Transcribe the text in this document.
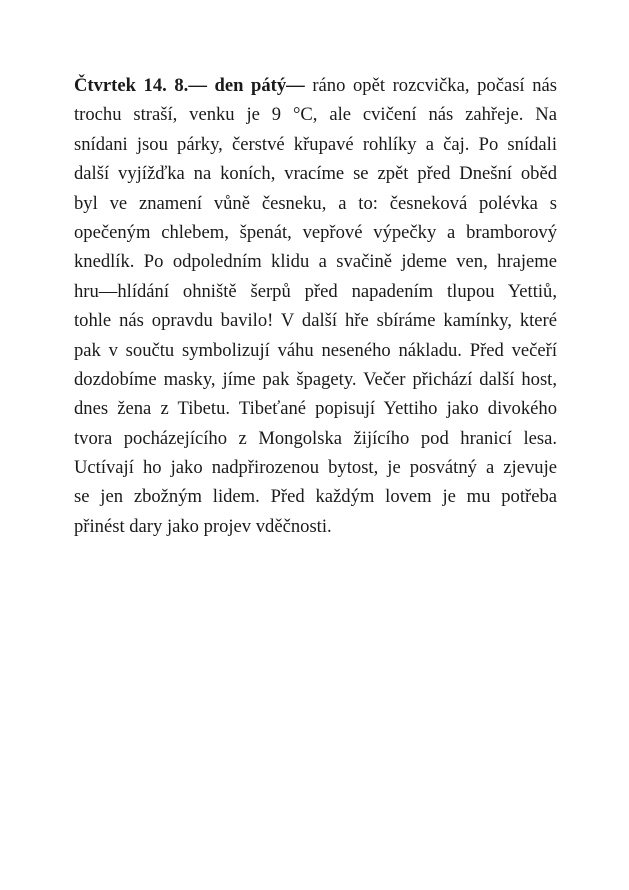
Čtvrtek 14. 8.— den pátý— ráno opět rozcvička, počasí nás
trochu straší, venku je 9 °C, ale cvičení nás zahřeje. Na
snídani jsou párky, čerstvé křupavé rohlíky a čaj. Po snídali
další vyjížďka na koních, vracíme se zpět před Dnešní oběd
byl ve znamení vůně česneku, a to: česneková polévka s
opečeným chlebem, špenát, vepřové výpečky a bramborový
knedlík. Po odpoledním klidu a svačině jdeme ven, hrajeme
hru—hlídání ohniště šerpů před napadením tlupou Yettiů,
tohle nás opravdu bavilo! V další hře sbíráme kamínky, které
pak v součtu symbolizují váhu neseného nákladu. Před večeří
dozdobíme masky, jíme pak špagety. Večer přichází další host,
dnes žena z Tibetu. Tibeťané popisují Yettiho jako divokého
tvora pocházejícího z Mongolska žijícího pod hranicí lesa.
Uctívají ho jako nadpřirozenou bytost, je posvátný a zjevuje
se jen zbožným lidem. Před každým lovem je mu potřeba
přinést dary jako projev vděčnosti.
